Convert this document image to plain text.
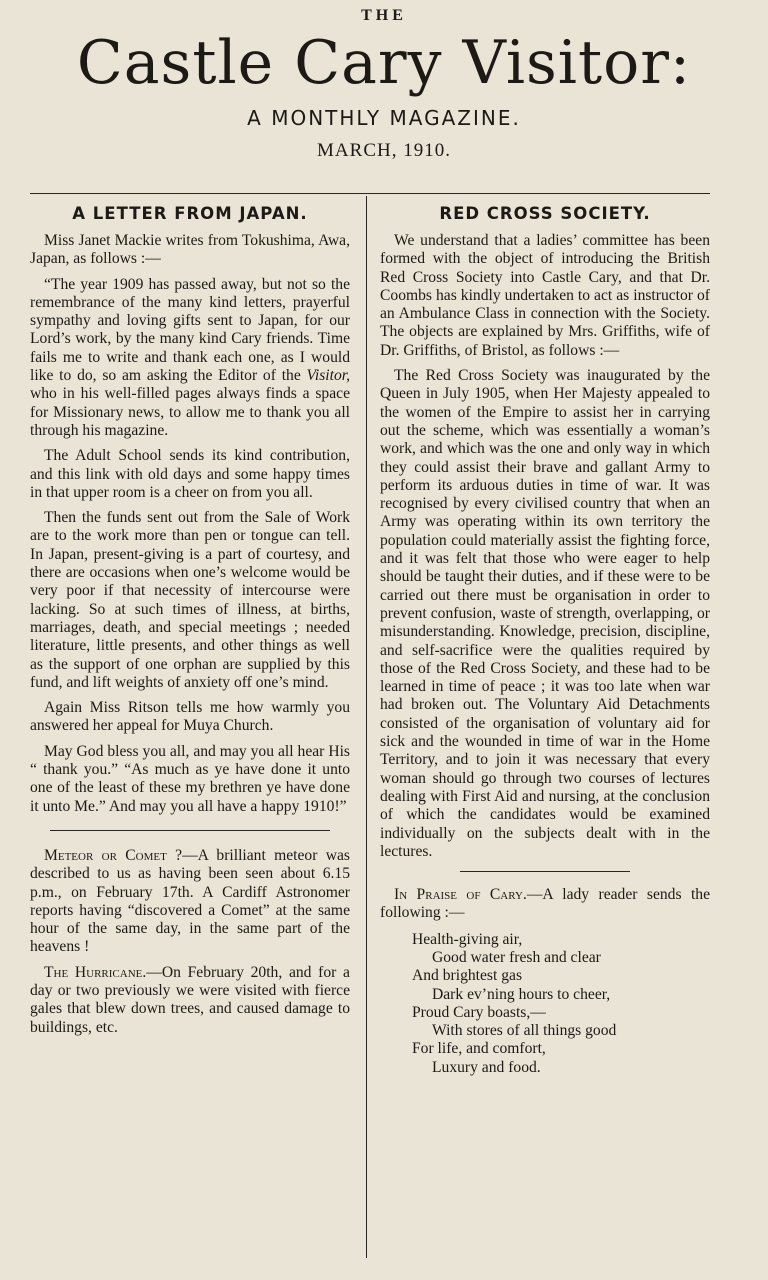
THE
Castle Cary Visitor:
A MONTHLY MAGAZINE.
MARCH, 1910.
A LETTER FROM JAPAN.

Miss Janet Mackie writes from Tokushima, Awa, Japan, as follows :—

“The year 1909 has passed away, but not so the remembrance of the many kind letters, prayerful sympathy and loving gifts sent to Japan, for our Lord’s work, by the many kind Cary friends. Time fails me to write and thank each one, as I would like to do, so am asking the Editor of the Visitor, who in his well-filled pages always finds a space for Missionary news, to allow me to thank you all through his magazine.

The Adult School sends its kind contribution, and this link with old days and some happy times in that upper room is a cheer on from you all.

Then the funds sent out from the Sale of Work are to the work more than pen or tongue can tell. In Japan, present-giving is a part of courtesy, and there are occasions when one’s welcome would be very poor if that necessity of intercourse were lacking. So at such times of illness, at births, marriages, death, and special meetings ; needed literature, little presents, and other things as well as the support of one orphan are supplied by this fund, and lift weights of anxiety off one’s mind.

Again Miss Ritson tells me how warmly you answered her appeal for Muya Church.

May God bless you all, and may you all hear His “ thank you.” “As much as ye have done it unto one of the least of these my brethren ye have done it unto Me.” And may you all have a happy 1910!”

Meteor or Comet ?—A brilliant meteor was described to us as having been seen about 6.15 p.m., on February 17th. A Cardiff Astronomer reports having “discovered a Comet” at the same hour of the same day, in the same part of the heavens !

The Hurricane.—On February 20th, and for a day or two previously we were visited with fierce gales that blew down trees, and caused damage to buildings, etc.

RED CROSS SOCIETY.

We understand that a ladies’ committee has been formed with the object of introducing the British Red Cross Society into Castle Cary, and that Dr. Coombs has kindly undertaken to act as instructor of an Ambulance Class in connection with the Society. The objects are explained by Mrs. Griffiths, wife of Dr. Griffiths, of Bristol, as follows :—

The Red Cross Society was inaugurated by the Queen in July 1905, when Her Majesty appealed to the women of the Empire to assist her in carrying out the scheme, which was essentially a woman’s work, and which was the one and only way in which they could assist their brave and gallant Army to perform its arduous duties in time of war. It was recognised by every civilised country that when an Army was operating within its own territory the population could materially assist the fighting force, and it was felt that those who were eager to help should be taught their duties, and if these were to be carried out there must be organisation in order to prevent confusion, waste of strength, overlapping, or misunderstanding. Knowledge, precision, discipline, and self-sacrifice were the qualities required by those of the Red Cross Society, and these had to be learned in time of peace ; it was too late when war had broken out. The Voluntary Aid Detachments consisted of the organisation of voluntary aid for sick and the wounded in time of war in the Home Territory, and to join it was necessary that every woman should go through two courses of lectures dealing with First Aid and nursing, at the conclusion of which the candidates would be examined individually on the subjects dealt with in the lectures.

In Praise of Cary.—A lady reader sends the following :—

Health-giving air,
Good water fresh and clear
And brightest gas
Dark ev’ning hours to cheer,
Proud Cary boasts,—
With stores of all things good
For life, and comfort,
Luxury and food.
